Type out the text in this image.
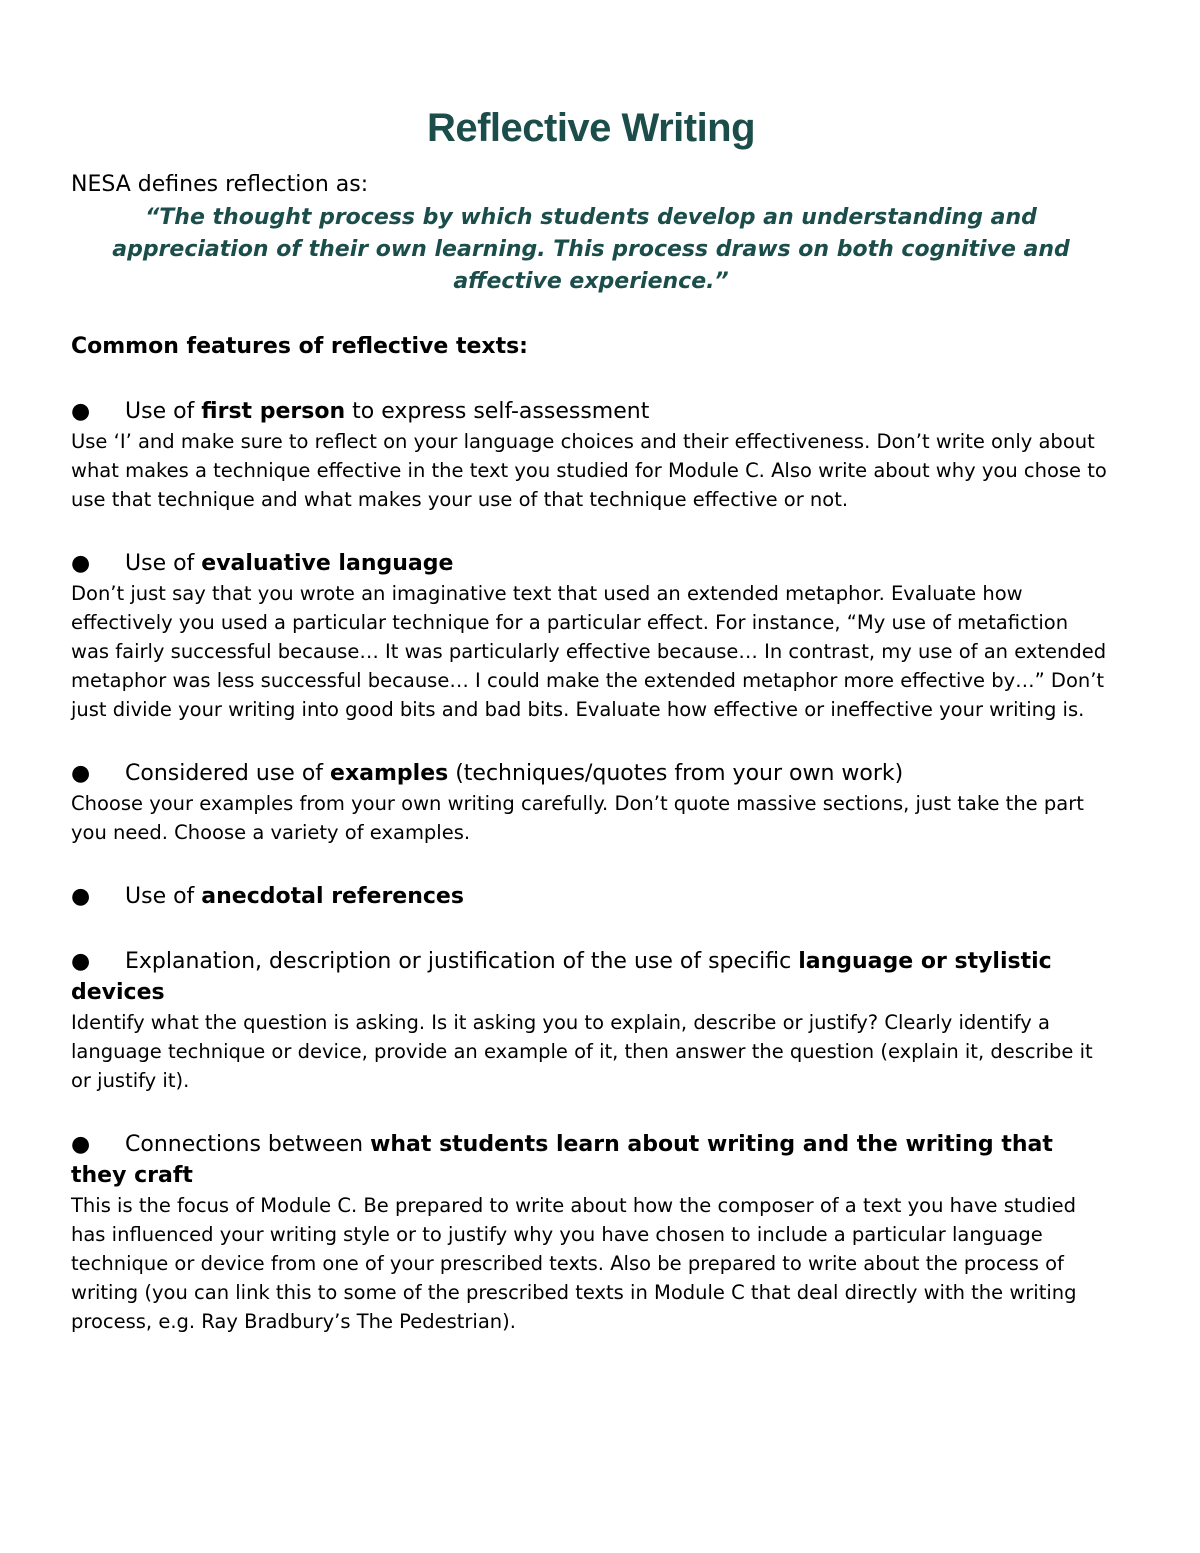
Reflective Writing

NESA defines reflection as:

“The thought process by which students develop an understanding and appreciation of their own learning. This process draws on both cognitive and affective experience.”

Common features of reflective texts:

● Use of first person to express self-assessment

Use ‘I’ and make sure to reflect on your language choices and their effectiveness. Don’t write only about what makes a technique effective in the text you studied for Module C. Also write about why you chose to use that technique and what makes your use of that technique effective or not.

● Use of evaluative language

Don’t just say that you wrote an imaginative text that used an extended metaphor. Evaluate how effectively you used a particular technique for a particular effect. For instance, “My use of metafiction was fairly successful because… It was particularly effective because… In contrast, my use of an extended metaphor was less successful because… I could make the extended metaphor more effective by…” Don’t just divide your writing into good bits and bad bits. Evaluate how effective or ineffective your writing is.

● Considered use of examples (techniques/quotes from your own work)

Choose your examples from your own writing carefully. Don’t quote massive sections, just take the part you need. Choose a variety of examples.

● Use of anecdotal references

● Explanation, description or justification of the use of specific language or stylistic devices

Identify what the question is asking. Is it asking you to explain, describe or justify? Clearly identify a language technique or device, provide an example of it, then answer the question (explain it, describe it or justify it).

● Connections between what students learn about writing and the writing that they craft

This is the focus of Module C. Be prepared to write about how the composer of a text you have studied has influenced your writing style or to justify why you have chosen to include a particular language technique or device from one of your prescribed texts. Also be prepared to write about the process of writing (you can link this to some of the prescribed texts in Module C that deal directly with the writing process, e.g. Ray Bradbury’s The Pedestrian).
